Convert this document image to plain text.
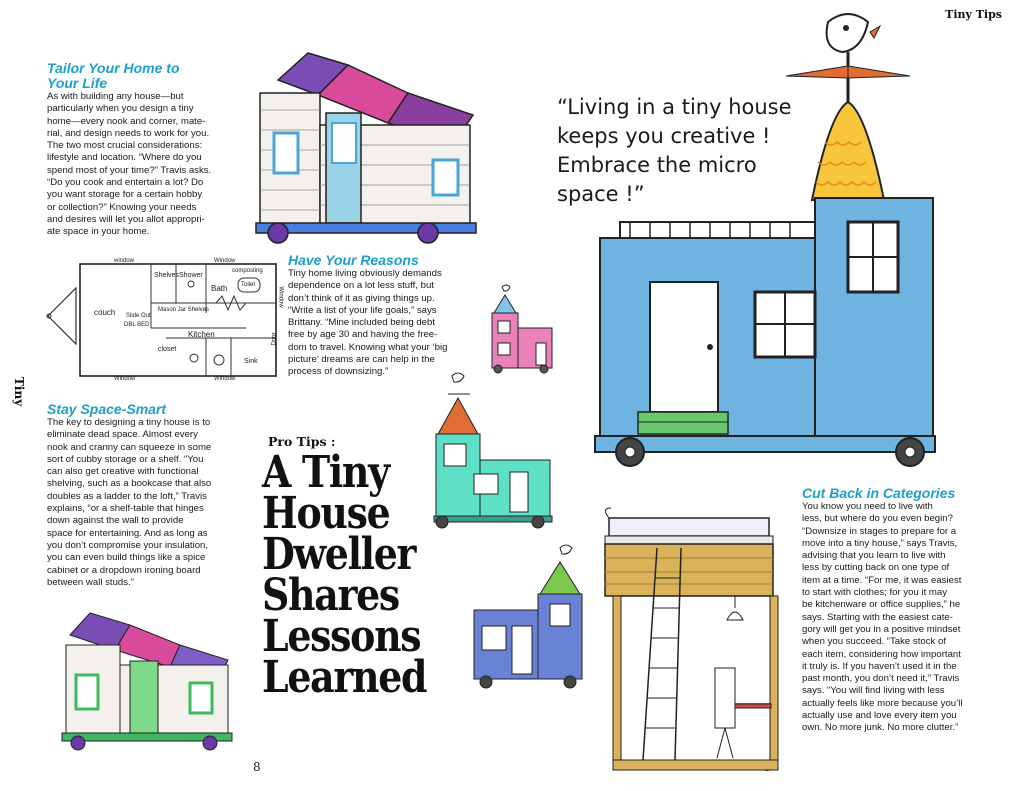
Tiny Tips
8
Tiny
Tailor Your Home to
Your Life
As with building any house—but
particularly when you design a tiny
home—every nook and corner, mate-
rial, and design needs to work for you.
The two most crucial considerations:
lifestyle and location. “Where do you
spend most of your time?” Travis asks.
“Do you cook and entertain a lot? Do
you want storage for a certain hobby
or collection?” Knowing your needs
and desires will let you allot appropri-
ate space in your home.
Have Your Reasons
Tiny home living obviously demands
dependence on a lot less stuff, but
don’t think of it as giving things up.
“Write a list of your life goals,” says
Brittany. “Mine included being debt
free by age 30 and having the free-
dom to travel. Knowing what your ‘big
picture’ dreams are can help in the
process of downsizing.”
Stay Space-Smart
The key to designing a tiny house is to
eliminate dead space. Almost every
nook and cranny can squeeze in some
sort of cubby storage or a shelf. “You
can also get creative with functional
shelving, such as a bookcase that also
doubles as a ladder to the loft,” Travis
explains, “or a shelf-table that hinges
down against the wall to provide
space for entertaining. And as long as
you don’t compromise your insulation,
you can even build things like a spice
cabinet or a dropdown ironing board
between wall studs.”
Cut Back in Categories
You know you need to live with
less, but where do you even begin?
“Downsize in stages to prepare for a
move into a tiny house,” says Travis,
advising that you learn to live with
less by cutting back on one type of
item at a time. “For me, it was easiest
to start with clothes; for you it may
be kitchenware or office supplies,” he
says. Starting with the easiest cate-
gory will get you in a positive mindset
when you succeed. “Take stock of
each item, considering how important
it truly is. If you haven’t used it in the
past month, you don’t need it,” Travis
says. “You will find living with less
actually feels like more because you’ll
actually use and love every item you
own. No more junk. No more clutter.”
“Living in a tiny house
keeps you creative !
Embrace the micro
space !”
Pro Tips :
A Tiny
House
Dweller
Shares
Lessons
Learned
window	Window
Shelves Shower
composting
Toilet
Bath
Mason Jar Shelves
couch Slide Out
DBL BED
Kitchen
closet
Sink
Door
Window	Window
Window
